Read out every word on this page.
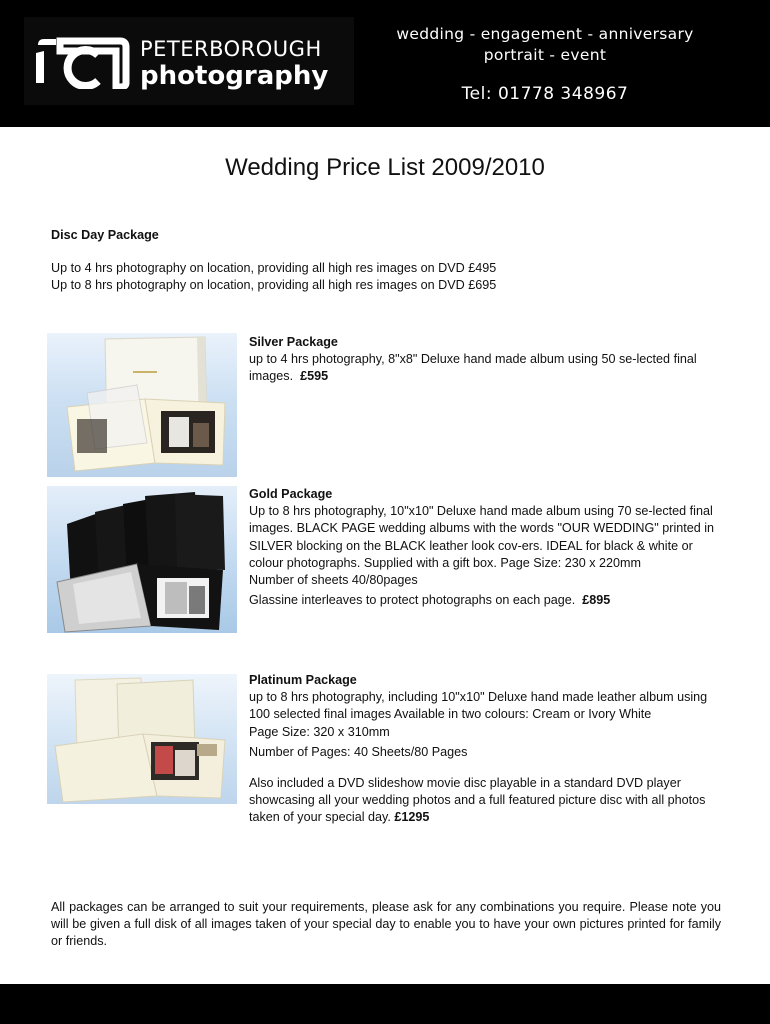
PETERBOROUGH
photography
wedding - engagement - anniversary
portrait - event
Tel: 01778 348967
Wedding Price List 2009/2010
Disc Day Package
Up to 4 hrs photography on location, providing all high res images on DVD £495
Up to 8 hrs photography on location, providing all high res images on DVD £695
Silver Package
up to 4 hrs photography, 8"x8" Deluxe hand made album using 50 se-lected final images. £595
Gold Package
Up to 8 hrs photography, 10"x10" Deluxe hand made album using 70 se-lected final images. BLACK PAGE wedding albums with the words "OUR WEDDING" printed in SILVER blocking on the BLACK leather look cov-ers. IDEAL for black & white or colour photographs. Supplied with a gift box. Page Size: 230 x 220mm
Number of sheets 40/80pages
Glassine interleaves to protect photographs on each page. £895
Platinum Package
up to 8 hrs photography, including 10"x10" Deluxe hand made leather album using 100 selected final images Available in two colours: Cream or Ivory White
Page Size: 320 x 310mm
Number of Pages: 40 Sheets/80 Pages
Also included a DVD slideshow movie disc playable in a standard DVD player showcasing all your wedding photos and a full featured picture disc with all photos taken of your special day. £1295
All packages can be arranged to suit your requirements, please ask for any combinations you require. Please note you will be given a full disk of all images taken of your special day to enable you to have your own pictures printed for family or friends.
